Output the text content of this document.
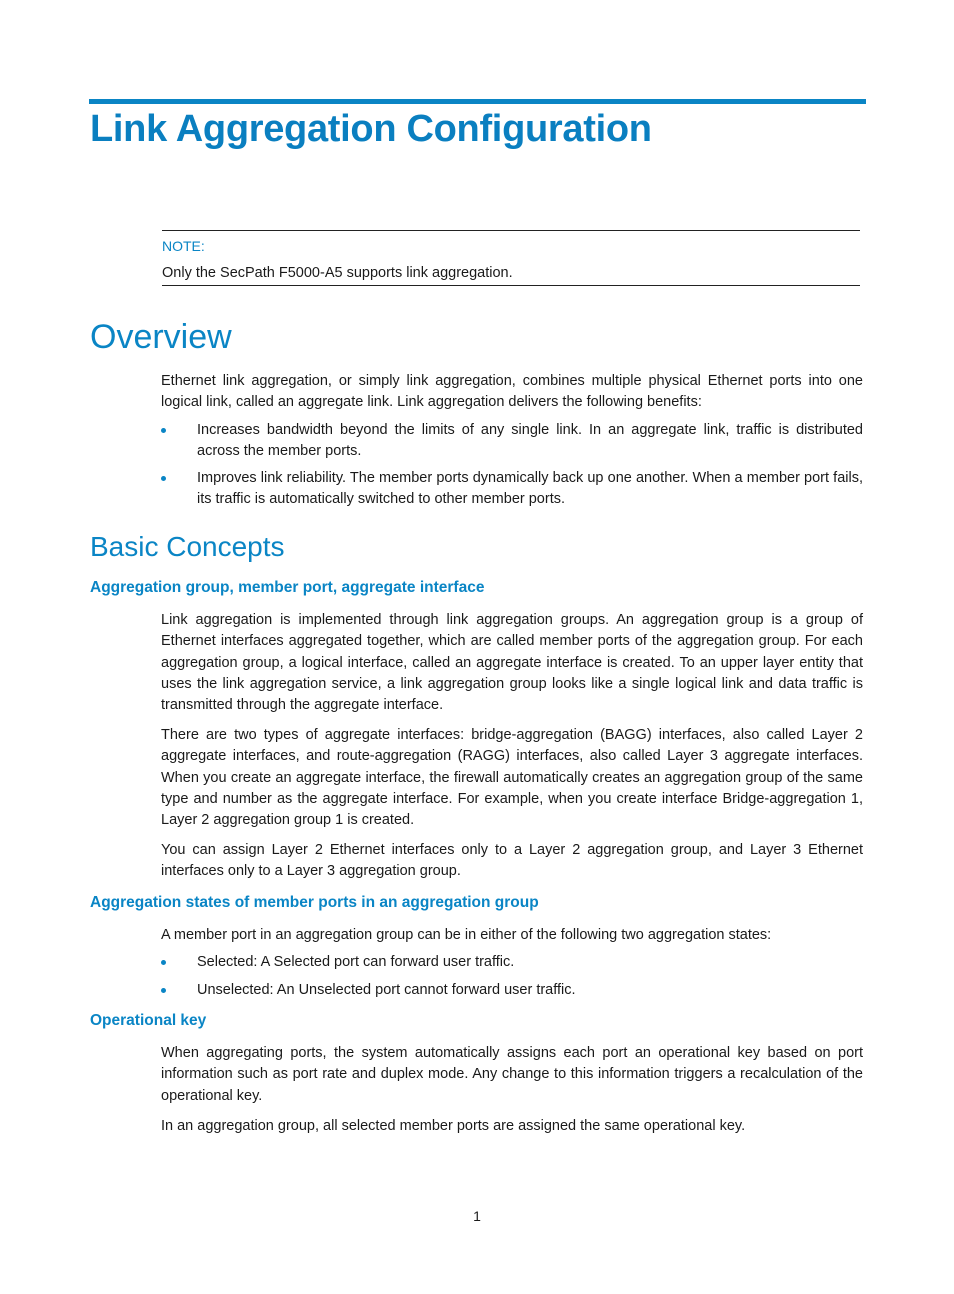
Link Aggregation Configuration
NOTE:
Only the SecPath F5000-A5 supports link aggregation.
Overview
Ethernet link aggregation, or simply link aggregation, combines multiple physical Ethernet ports into one logical link, called an aggregate link. Link aggregation delivers the following benefits:
Increases bandwidth beyond the limits of any single link. In an aggregate link, traffic is distributed across the member ports.
Improves link reliability. The member ports dynamically back up one another. When a member port fails, its traffic is automatically switched to other member ports.
Basic Concepts
Aggregation group, member port, aggregate interface
Link aggregation is implemented through link aggregation groups. An aggregation group is a group of Ethernet interfaces aggregated together, which are called member ports of the aggregation group. For each aggregation group, a logical interface, called an aggregate interface is created. To an upper layer entity that uses the link aggregation service, a link aggregation group looks like a single logical link and data traffic is transmitted through the aggregate interface.
There are two types of aggregate interfaces: bridge-aggregation (BAGG) interfaces, also called Layer 2 aggregate interfaces, and route-aggregation (RAGG) interfaces, also called Layer 3 aggregate interfaces. When you create an aggregate interface, the firewall automatically creates an aggregation group of the same type and number as the aggregate interface. For example, when you create interface Bridge-aggregation 1, Layer 2 aggregation group 1 is created.
You can assign Layer 2 Ethernet interfaces only to a Layer 2 aggregation group, and Layer 3 Ethernet interfaces only to a Layer 3 aggregation group.
Aggregation states of member ports in an aggregation group
A member port in an aggregation group can be in either of the following two aggregation states:
Selected: A Selected port can forward user traffic.
Unselected: An Unselected port cannot forward user traffic.
Operational key
When aggregating ports, the system automatically assigns each port an operational key based on port information such as port rate and duplex mode. Any change to this information triggers a recalculation of the operational key.
In an aggregation group, all selected member ports are assigned the same operational key.
1
